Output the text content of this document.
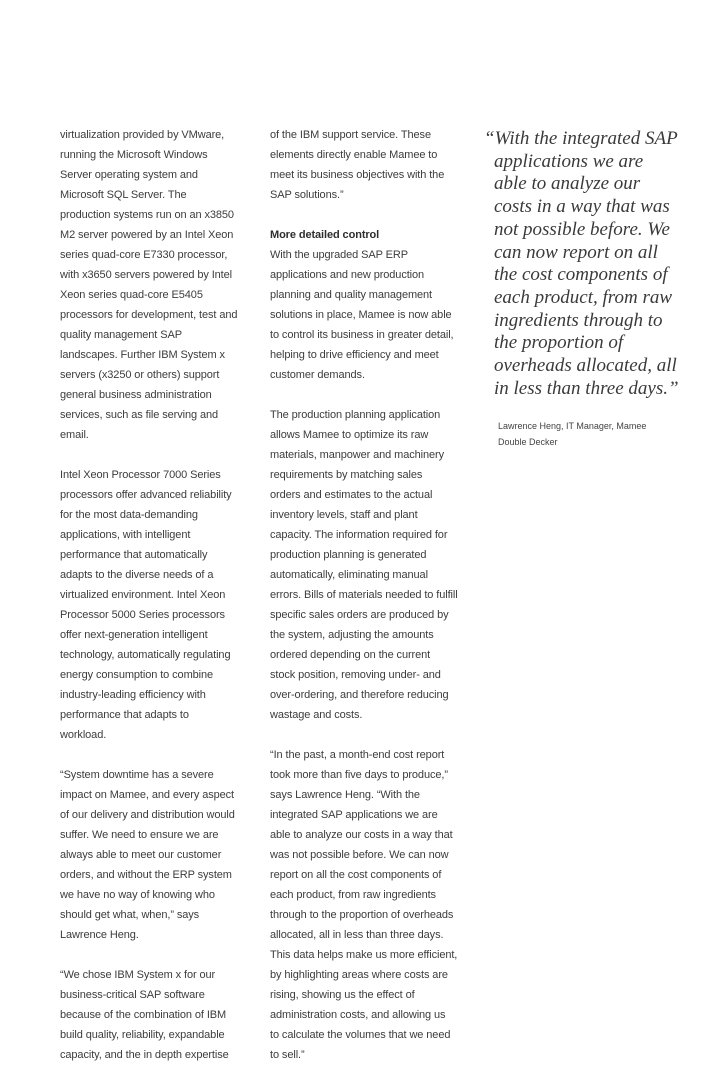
virtualization provided by VMware,

running the Microsoft Windows

Server operating system and

Microsoft SQL Server. The

production systems run on an x3850

M2 server powered by an Intel Xeon

series quad-core E7330 processor,

with x3650 servers powered by Intel

Xeon series quad-core E5405

processors for development, test and

quality management SAP

landscapes. Further IBM System x

servers (x3250 or others) support

general business administration

services, such as file serving and

email.

Intel Xeon Processor 7000 Series

processors offer advanced reliability

for the most data-demanding

applications, with intelligent

performance that automatically

adapts to the diverse needs of a

virtualized environment. Intel Xeon

Processor 5000 Series processors

offer next-generation intelligent

technology, automatically regulating

energy consumption to combine

industry-leading efficiency with

performance that adapts to

workload.

“System downtime has a severe

impact on Mamee, and every aspect

of our delivery and distribution would

suffer. We need to ensure we are

always able to meet our customer

orders, and without the ERP system

we have no way of knowing who

should get what, when,” says

Lawrence Heng.

“We chose IBM System x for our

business-critical SAP software

because of the combination of IBM

build quality, reliability, expandable

capacity, and the in depth expertise

of the IBM support service. These

elements directly enable Mamee to

meet its business objectives with the

SAP solutions.”

More detailed control

With the upgraded SAP ERP

applications and new production

planning and quality management

solutions in place, Mamee is now able

to control its business in greater detail,

helping to drive efficiency and meet

customer demands.

The production planning application

allows Mamee to optimize its raw

materials, manpower and machinery

requirements by matching sales

orders and estimates to the actual

inventory levels, staff and plant

capacity. The information required for

production planning is generated

automatically, eliminating manual

errors. Bills of materials needed to fulfill

specific sales orders are produced by

the system, adjusting the amounts

ordered depending on the current

stock position, removing under- and

over-ordering, and therefore reducing

wastage and costs.

“In the past, a month-end cost report

took more than five days to produce,”

says Lawrence Heng. “With the

integrated SAP applications we are

able to analyze our costs in a way that

was not possible before. We can now

report on all the cost components of

each product, from raw ingredients

through to the proportion of overheads

allocated, all in less than three days.

This data helps make us more efficient,

by highlighting areas where costs are

rising, showing us the effect of

administration costs, and allowing us

to calculate the volumes that we need

to sell.”

“With the integrated SAP
applications we are
able to analyze our
costs in a way that was
not possible before. We
can now report on all
the cost components of
each product, from raw
ingredients through to
the proportion of
overheads allocated, all
in less than three days.”
Lawrence Heng, IT Manager, Mamee
Double Decker
